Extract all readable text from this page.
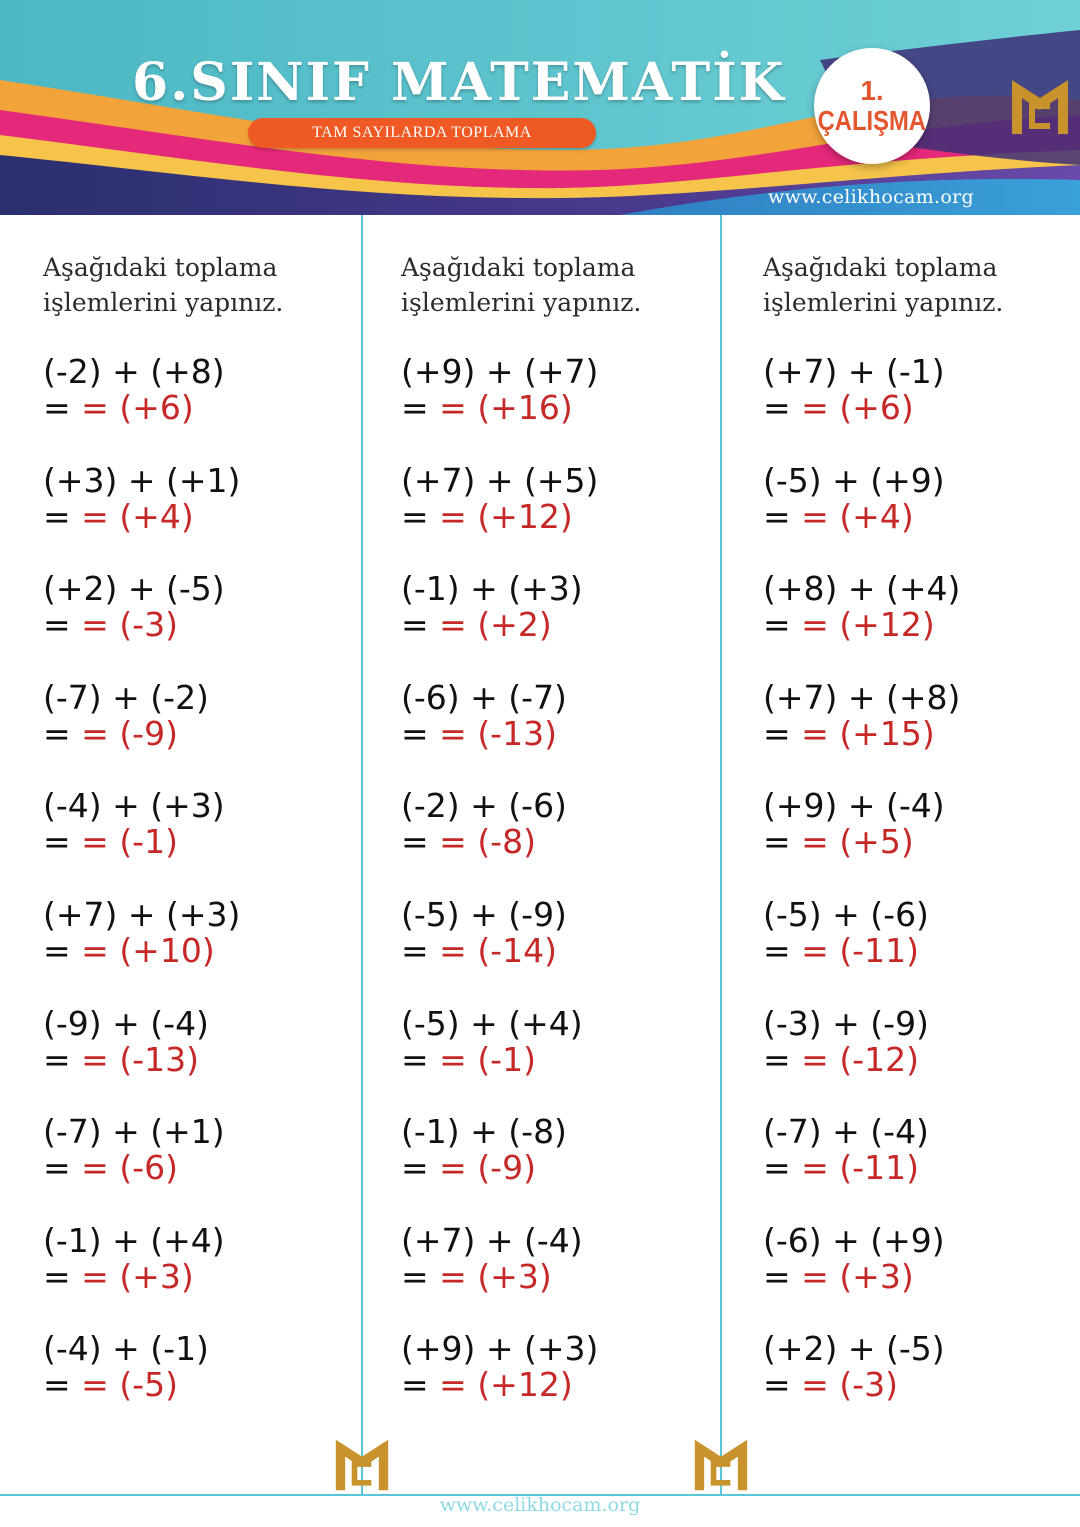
6.SINIF MATEMATİK
TAM SAYILARDA TOPLAMA
1.
ÇALIŞMA
www.celikhocam.org
Aşağıdaki toplama
işlemlerini yapınız.
(-2) + (+8)
= = (+6)
(+3) + (+1)
= = (+4)
(+2) + (-5)
= = (-3)
(-7) + (-2)
= = (-9)
(-4) + (+3)
= = (-1)
(+7) + (+3)
= = (+10)
(-9) + (-4)
= = (-13)
(-7) + (+1)
= = (-6)
(-1) + (+4)
= = (+3)
(-4) + (-1)
= = (-5)
Aşağıdaki toplama
işlemlerini yapınız.
(+9) + (+7)
= = (+16)
(+7) + (+5)
= = (+12)
(-1) + (+3)
= = (+2)
(-6) + (-7)
= = (-13)
(-2) + (-6)
= = (-8)
(-5) + (-9)
= = (-14)
(-5) + (+4)
= = (-1)
(-1) + (-8)
= = (-9)
(+7) + (-4)
= = (+3)
(+9) + (+3)
= = (+12)
Aşağıdaki toplama
işlemlerini yapınız.
(+7) + (-1)
= = (+6)
(-5) + (+9)
= = (+4)
(+8) + (+4)
= = (+12)
(+7) + (+8)
= = (+15)
(+9) + (-4)
= = (+5)
(-5) + (-6)
= = (-11)
(-3) + (-9)
= = (-12)
(-7) + (-4)
= = (-11)
(-6) + (+9)
= = (+3)
(+2) + (-5)
= = (-3)
www.celikhocam.org
